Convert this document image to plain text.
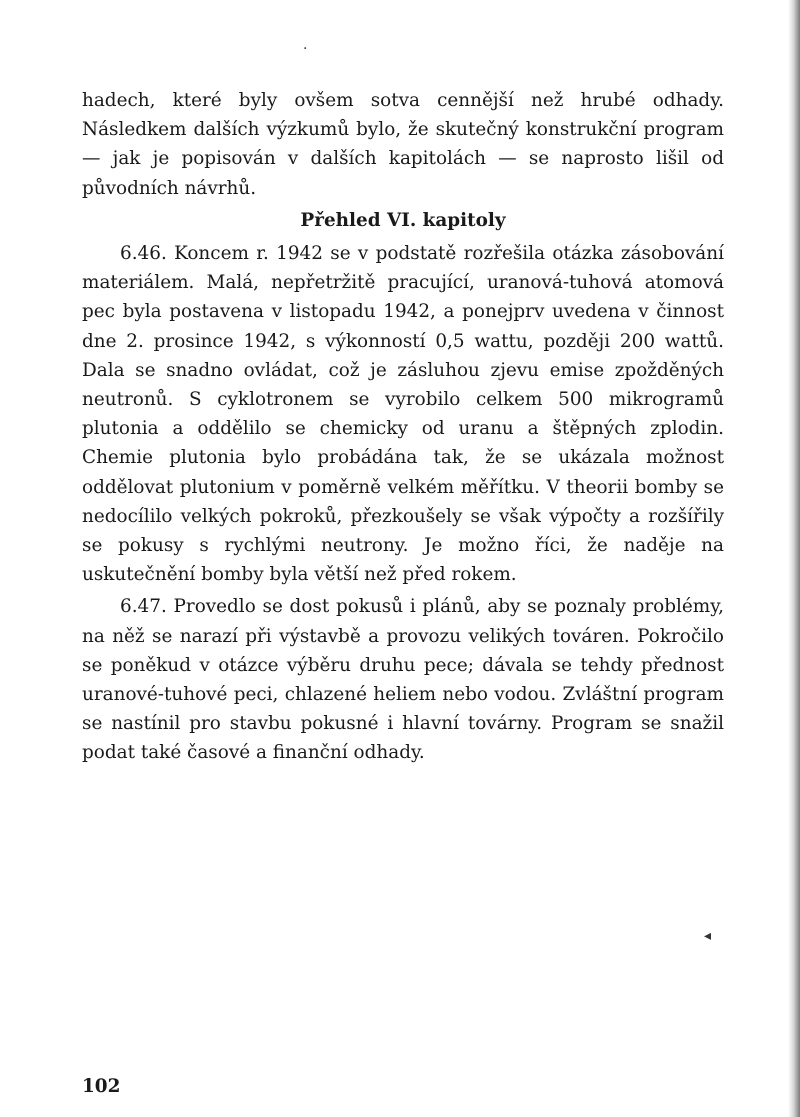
·
◂

hadech, které byly ovšem sotva cennější než hrubé odhady. Následkem dalších výzkumů bylo, že skutečný konstrukční program — jak je popisován v dalších kapitolách — se naprosto lišil od původních návrhů.

Přehled VI. kapitoly

6.46. Koncem r. 1942 se v podstatě rozřešila otázka zásobování materiálem. Malá, nepřetržitě pracující, uranová-tuhová atomová pec byla postavena v listopadu 1942, a ponejprv uvedena v činnost dne 2. prosince 1942, s výkonností 0,5 wattu, později 200 wattů. Dala se snadno ovládat, což je zásluhou zjevu emise zpožděných neutronů. S cyklotronem se vyrobilo celkem 500 mikrogramů plutonia a oddělilo se chemicky od uranu a štěpných zplodin. Chemie plutonia bylo probádána tak, že se ukázala možnost oddělovat plutonium v poměrně velkém měřítku. V theorii bomby se nedocílilo velkých pokroků, přezkoušely se však výpočty a rozšířily se pokusy s rychlými neutrony. Je možno říci, že naděje na uskutečnění bomby byla větší než před rokem.

6.47. Provedlo se dost pokusů i plánů, aby se poznaly problémy, na něž se narazí při výstavbě a provozu velikých továren. Pokročilo se poněkud v otázce výběru druhu pece; dávala se tehdy přednost uranové-tuhové peci, chlazené heliem nebo vodou. Zvláštní program se nastínil pro stavbu pokusné i hlavní továrny. Program se snažil podat také časové a finanční odhady.

102
